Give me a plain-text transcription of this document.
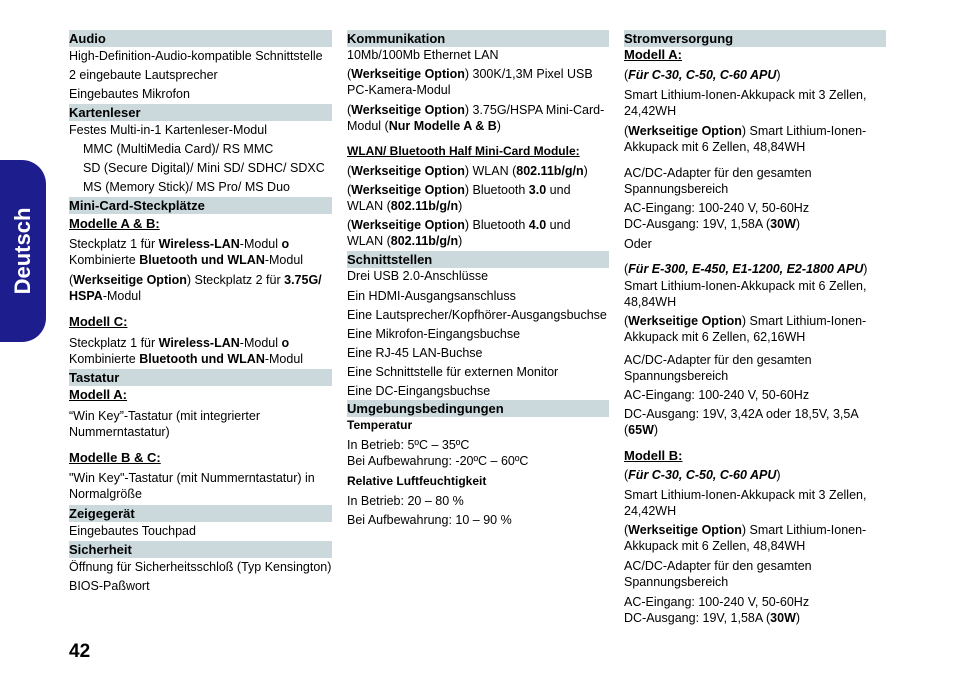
Deutsch
Audio
High-Definition-Audio-kompatible Schnittstelle
2 eingebaute Lautsprecher
Eingebautes Mikrofon
Kartenleser
Festes Multi-in-1 Kartenleser-Modul
MMC (MultiMedia Card)/ RS MMC
SD (Secure Digital)/ Mini SD/ SDHC/ SDXC
MS (Memory Stick)/ MS Pro/ MS Duo
Mini-Card-Steckplätze
Modelle A & B:
Steckplatz 1 für Wireless-LAN-Modul o
Kombinierte Bluetooth und WLAN-Modul
(Werkseitige Option) Steckplatz 2 für 3.75G/ HSPA-Modul
Modell C:
Steckplatz 1 für Wireless-LAN-Modul o
Kombinierte Bluetooth und WLAN-Modul
Tastatur
Modell A:
“Win Key”-Tastatur (mit integrierter Nummerntastatur)
Modelle B & C:
"Win Key"-Tastatur (mit Nummerntastatur) in Normalgröße
Zeigegerät
Eingebautes Touchpad
Sicherheit
Öffnung für Sicherheitsschloß (Typ Kensington)
BIOS-Paßwort
Kommunikation
10Mb/100Mb Ethernet LAN
(Werkseitige Option) 300K/1,3M Pixel USB PC-Kamera-Modul
(Werkseitige Option) 3.75G/HSPA Mini-Card-Modul (Nur Modelle A & B)
WLAN/ Bluetooth Half Mini-Card Module:
(Werkseitige Option) WLAN (802.11b/g/n)
(Werkseitige Option) Bluetooth 3.0 und WLAN (802.11b/g/n)
(Werkseitige Option) Bluetooth 4.0 und WLAN (802.11b/g/n)
Schnittstellen
Drei USB 2.0-Anschlüsse
Ein HDMI-Ausgangsanschluss
Eine Lautsprecher/Kopfhörer-Ausgangsbuchse
Eine Mikrofon-Eingangsbuchse
Eine RJ-45 LAN-Buchse
Eine Schnittstelle für externen Monitor
Eine DC-Eingangsbuchse
Umgebungsbedingungen
Temperatur
In Betrieb: 5ºC – 35ºC
Bei Aufbewahrung: -20ºC – 60ºC
Relative Luftfeuchtigkeit
In Betrieb: 20 – 80 %
Bei Aufbewahrung: 10 – 90 %
Stromversorgung
Modell A:
(Für C-30, C-50, C-60 APU)
Smart Lithium-Ionen-Akkupack mit 3 Zellen, 24,42WH
(Werkseitige Option) Smart Lithium-Ionen-Akkupack mit 6 Zellen, 48,84WH
AC/DC-Adapter für den gesamten Spannungsbereich
AC-Eingang: 100-240 V, 50-60Hz
DC-Ausgang: 19V, 1,58A (30W)
Oder
(Für E-300, E-450, E1-1200, E2-1800 APU)
Smart Lithium-Ionen-Akkupack mit 6 Zellen, 48,84WH
(Werkseitige Option) Smart Lithium-Ionen-Akkupack mit 6 Zellen, 62,16WH
AC/DC-Adapter für den gesamten Spannungsbereich
AC-Eingang: 100-240 V, 50-60Hz
DC-Ausgang: 19V, 3,42A oder 18,5V, 3,5A (65W)
Modell B:
(Für C-30, C-50, C-60 APU)
Smart Lithium-Ionen-Akkupack mit 3 Zellen, 24,42WH
(Werkseitige Option) Smart Lithium-Ionen-Akkupack mit 6 Zellen, 48,84WH
AC/DC-Adapter für den gesamten Spannungsbereich
AC-Eingang: 100-240 V, 50-60Hz
DC-Ausgang: 19V, 1,58A (30W)
42
